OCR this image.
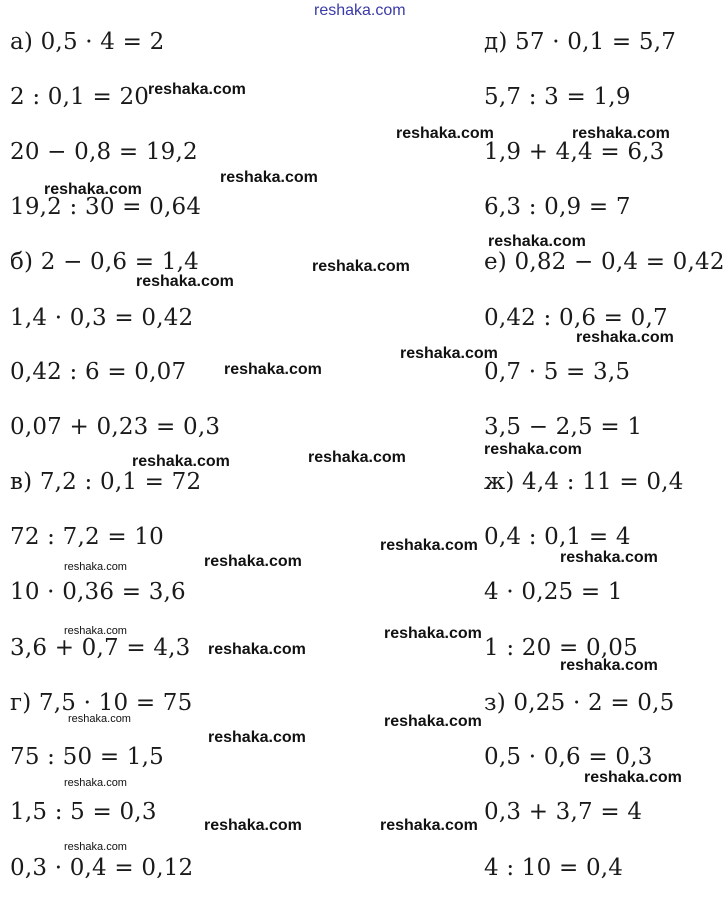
reshaka.com
а) 0,5 · 4 = 2
2 : 0,1 = 20
20 − 0,8 = 19,2
19,2 : 30 = 0,64
б) 2 − 0,6 = 1,4
1,4 · 0,3 = 0,42
0,42 : 6 = 0,07
0,07 + 0,23 = 0,3
в) 7,2 : 0,1 = 72
72 : 7,2 = 10
10 · 0,36 = 3,6
3,6 + 0,7 = 4,3
г) 7,5 · 10 = 75
75 : 50 = 1,5
1,5 : 5 = 0,3
0,3 · 0,4 = 0,12
д) 57 · 0,1 = 5,7
5,7 : 3 = 1,9
1,9 + 4,4 = 6,3
6,3 : 0,9 = 7
е) 0,82 − 0,4 = 0,42
0,42 : 0,6 = 0,7
0,7 · 5 = 3,5
3,5 − 2,5 = 1
ж) 4,4 : 11 = 0,4
0,4 : 0,1 = 4
4 · 0,25 = 1
1 : 20 = 0,05
з) 0,25 · 2 = 0,5
0,5 · 0,6 = 0,3
0,3 + 3,7 = 4
4 : 10 = 0,4
reshaka.com
reshaka.com	reshaka.com
reshaka.com
reshaka.com
reshaka.com
reshaka.com
reshaka.com
reshaka.com
reshaka.com
reshaka.com
reshaka.com
reshaka.com
reshaka.com
reshaka.com
reshaka.com
reshaka.com
reshaka.com
reshaka.com	reshaka.com
reshaka.com
reshaka.com
reshaka.com	reshaka.com
reshaka.com
reshaka.com
reshaka.com
reshaka.com	reshaka.com
reshaka.com
